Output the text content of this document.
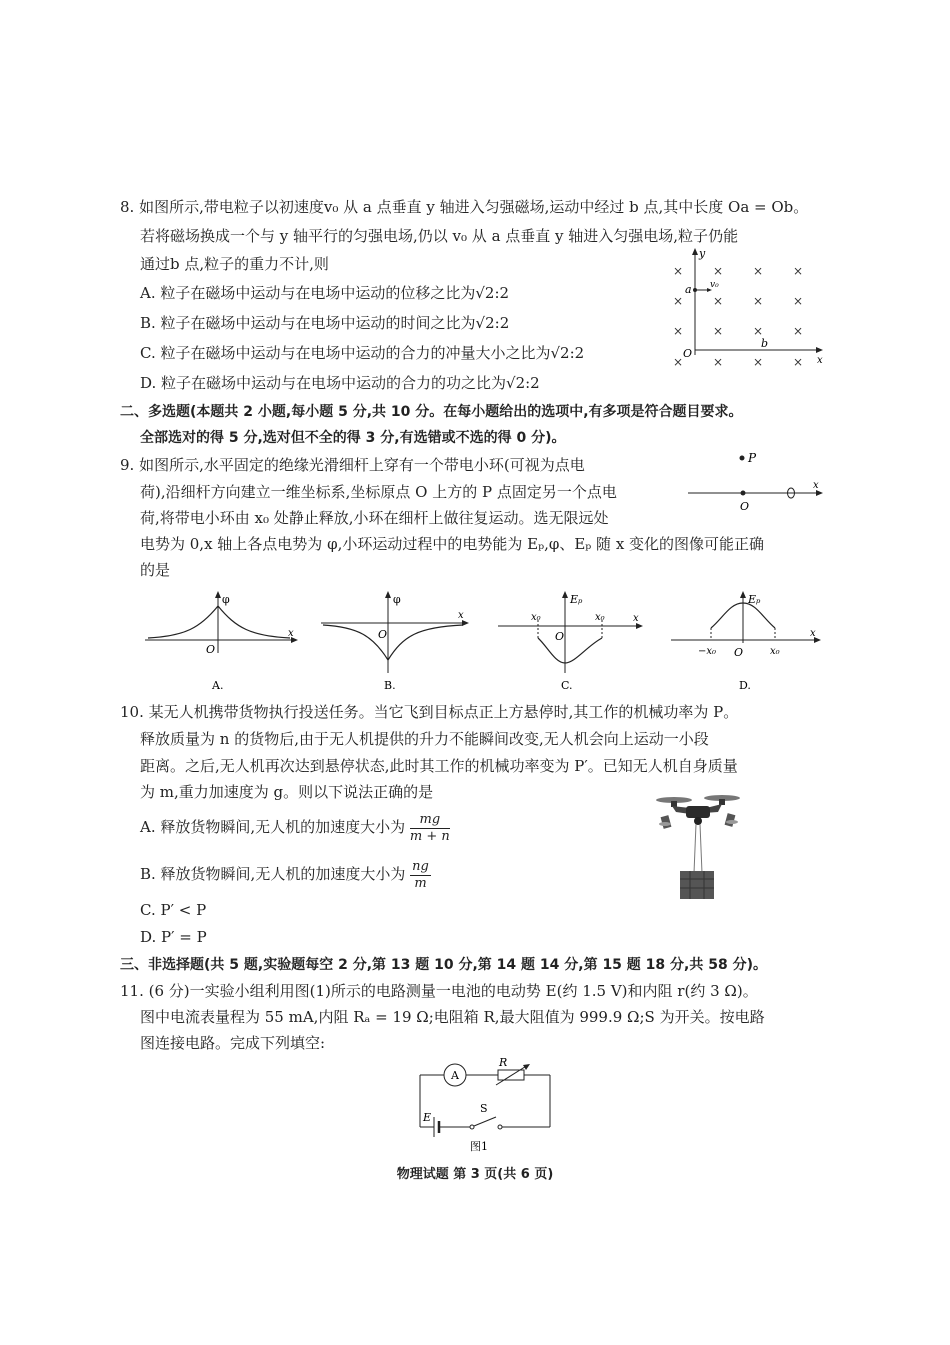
8. 如图所示,带电粒子以初速度v₀ 从 a 点垂直 y 轴进入匀强磁场,运动中经过 b 点,其中长度 Oa = Ob。
若将磁场换成一个与 y 轴平行的匀强电场,仍以 v₀ 从 a 点垂直 y 轴进入匀强电场,粒子仍能
通过b 点,粒子的重力不计,则
A. 粒子在磁场中运动与在电场中运动的位移之比为√2:2
B. 粒子在磁场中运动与在电场中运动的时间之比为√2:2
C. 粒子在磁场中运动与在电场中运动的合力的冲量大小之比为√2:2
D. 粒子在磁场中运动与在电场中运动的合力的功之比为√2:2
y
a v₀
O
b
x
× × × ×
× × × ×
× × × ×
× × × ×
二、多选题(本题共 2 小题,每小题 5 分,共 10 分。在每小题给出的选项中,有多项是符合题目要求。
全部选对的得 5 分,选对但不全的得 3 分,有选错或不选的得 0 分)。
9. 如图所示,水平固定的绝缘光滑细杆上穿有一个带电小环(可视为点电
荷),沿细杆方向建立一维坐标系,坐标原点 O 上方的 P 点固定另一个点电
荷,将带电小环由 x₀ 处静止释放,小环在细杆上做往复运动。选无限远处
电势为 0,x 轴上各点电势为 φ,小环运动过程中的电势能为 Eₚ,φ、Eₚ 随 x 变化的图像可能正确
的是
P
O
x
φ
x
O
A.
φ
x
O
B.
Eₚ
x
O
x₀	x₀
C.
Eₚ
x
O
−x₀	x₀
D.
10. 某无人机携带货物执行投送任务。当它飞到目标点正上方悬停时,其工作的机械功率为 P。
释放质量为 n 的货物后,由于无人机提供的升力不能瞬间改变,无人机会向上运动一小段
距离。之后,无人机再次达到悬停状态,此时其工作的机械功率变为 P′。已知无人机自身质量
为 m,重力加速度为 g。则以下说法正确的是
A. 释放货物瞬间,无人机的加速度大小为 $\frac{mg}{m + n}$
B. 释放货物瞬间,无人机的加速度大小为 $\frac{ng}{m}$
C. P′ < P
D. P′ = P
三、非选择题(共 5 题,实验题每空 2 分,第 13 题 10 分,第 14 题 14 分,第 15 题 18 分,共 58 分)。
11. (6 分)一实验小组利用图(1)所示的电路测量一电池的电动势 E(约 1.5 V)和内阻 r(约 3 Ω)。
图中电流表量程为 55 mA,内阻 Rₐ = 19 Ω;电阻箱 R,最大阻值为 999.9 Ω;S 为开关。按电路
图连接电路。完成下列填空:
A
R
E
S
图1
物理试题 第 3 页(共 6 页)
